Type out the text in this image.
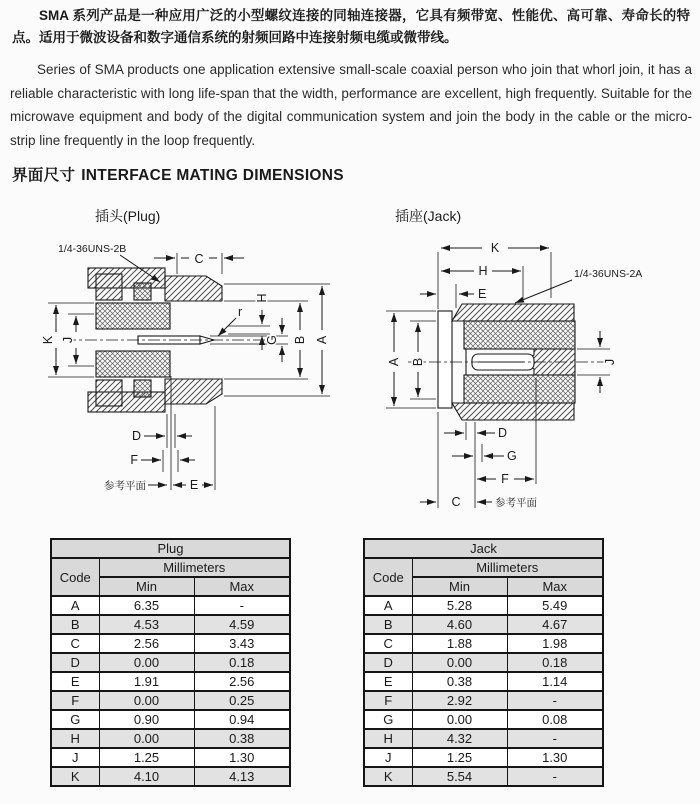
SMA 系列产品是一种应用广泛的小型螺纹连接的同轴连接器，它具有频带宽、性能优、高可靠、寿命长的特点。适用于微波设备和数字通信系统的射频回路中连接射频电缆或微带线。

Series of SMA products one application extensive small-scale coaxial person who join that whorl join, it has a reliable characteristic with long life-span that the width, performance are excellent, high frequently. Suitable for the microwave equipment and body of the digital communication system and join the body in the cable or the micro-strip line frequently in the loop frequently.

界面尺寸 INTERFACE MATING DIMENSIONS
插头(Plug)	插座(Jack)
C
1/4-36UNS-2B
A
B
G
H
r
K J
D
F
E
参考平面
K
H
E
1/4-36UNS-2A
A B	J
D
G
F
C	参考平面
Plug		
Code	Millimeters	
	Min	Max
A	6.35	-
B	4.53	4.59
C	2.56	3.43
D	0.00	0.18
E	1.91	2.56
F	0.00	0.25
G	0.90	0.94
H	0.00	0.38
J	1.25	1.30
K	4.10	4.13
Jack		
Code	Millimeters	
	Min	Max
A	5.28	5.49
B	4.60	4.67
C	1.88	1.98
D	0.00	0.18
E	0.38	1.14
F	2.92	-
G	0.00	0.08
H	4.32	-
J	1.25	1.30
K	5.54	-
